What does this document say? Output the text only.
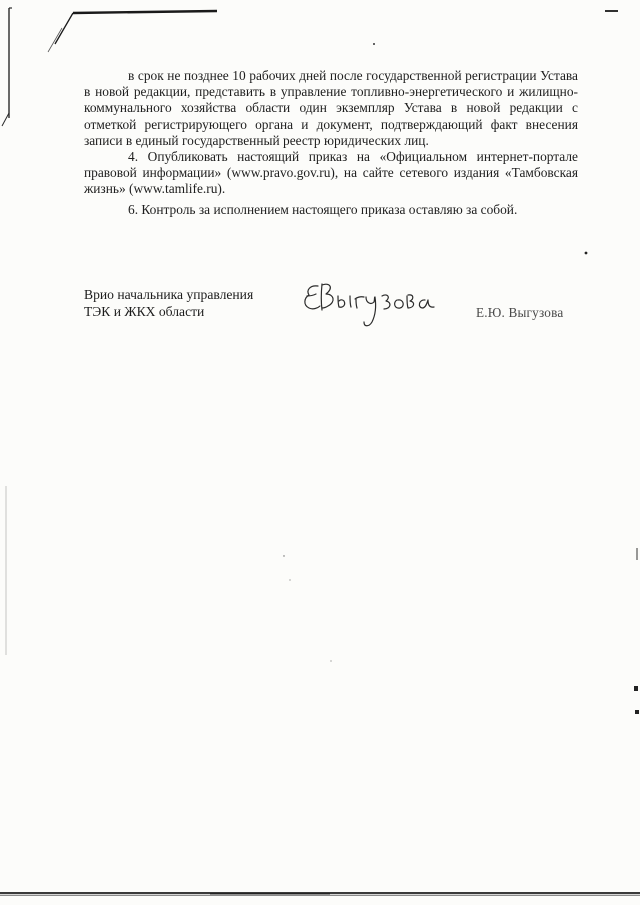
в срок не позднее 10 рабочих дней после государственной регистрации Устава в новой редакции, представить в управление топливно-энергетического и жилищно-коммунального хозяйства области один экземпляр Устава в новой редакции с отметкой регистрирующего органа и документ, подтверждающий факт внесения записи в единый государственный реестр юридических лиц.

4. Опубликовать настоящий приказ на «Официальном интернет-портале правовой информации» (www.pravo.gov.ru), на сайте сетевого издания «Тамбовская жизнь» (www.tamlife.ru).

6. Контроль за исполнением настоящего приказа оставляю за собой.

Врио начальника управления
ТЭК и ЖКХ области	Е.Ю. Выгузова
